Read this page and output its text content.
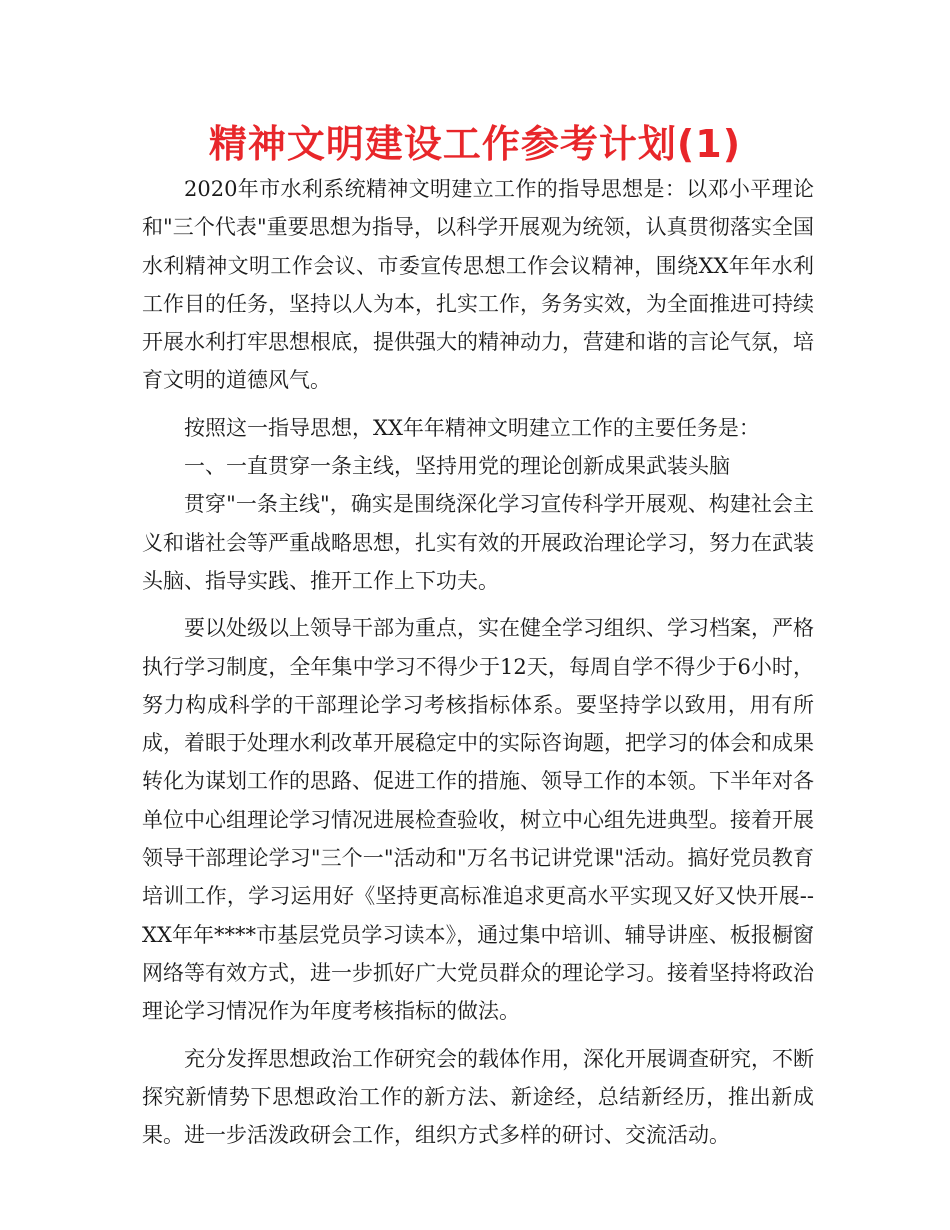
精神文明建设工作参考计划(1)

2020年市水利系统精神文明建立工作的指导思想是：以邓小平理论和"三个代表"重要思想为指导，以科学开展观为统领，认真贯彻落实全国水利精神文明工作会议、市委宣传思想工作会议精神，围绕XX年年水利工作目的任务，坚持以人为本，扎实工作，务务实效，为全面推进可持续开展水利打牢思想根底，提供强大的精神动力，营建和谐的言论气氛，培育文明的道德风气。

按照这一指导思想，XX年年精神文明建立工作的主要任务是：

一、一直贯穿一条主线，坚持用党的理论创新成果武装头脑

贯穿"一条主线"，确实是围绕深化学习宣传科学开展观、构建社会主义和谐社会等严重战略思想，扎实有效的开展政治理论学习，努力在武装头脑、指导实践、推开工作上下功夫。

要以处级以上领导干部为重点，实在健全学习组织、学习档案，严格执行学习制度，全年集中学习不得少于12天，每周自学不得少于6小时，努力构成科学的干部理论学习考核指标体系。要坚持学以致用，用有所成，着眼于处理水利改革开展稳定中的实际咨询题，把学习的体会和成果转化为谋划工作的思路、促进工作的措施、领导工作的本领。下半年对各单位中心组理论学习情况进展检查验收，树立中心组先进典型。接着开展领导干部理论学习"三个一"活动和"万名书记讲党课"活动。搞好党员教育培训工作，学习运用好《坚持更高标准追求更高水平实现又好又快开展--XX年年****市基层党员学习读本》，通过集中培训、辅导讲座、板报橱窗网络等有效方式，进一步抓好广大党员群众的理论学习。接着坚持将政治理论学习情况作为年度考核指标的做法。

充分发挥思想政治工作研究会的载体作用，深化开展调查研究，不断探究新情势下思想政治工作的新方法、新途经，总结新经历，推出新成果。进一步活泼政研会工作，组织方式多样的研讨、交流活动。
